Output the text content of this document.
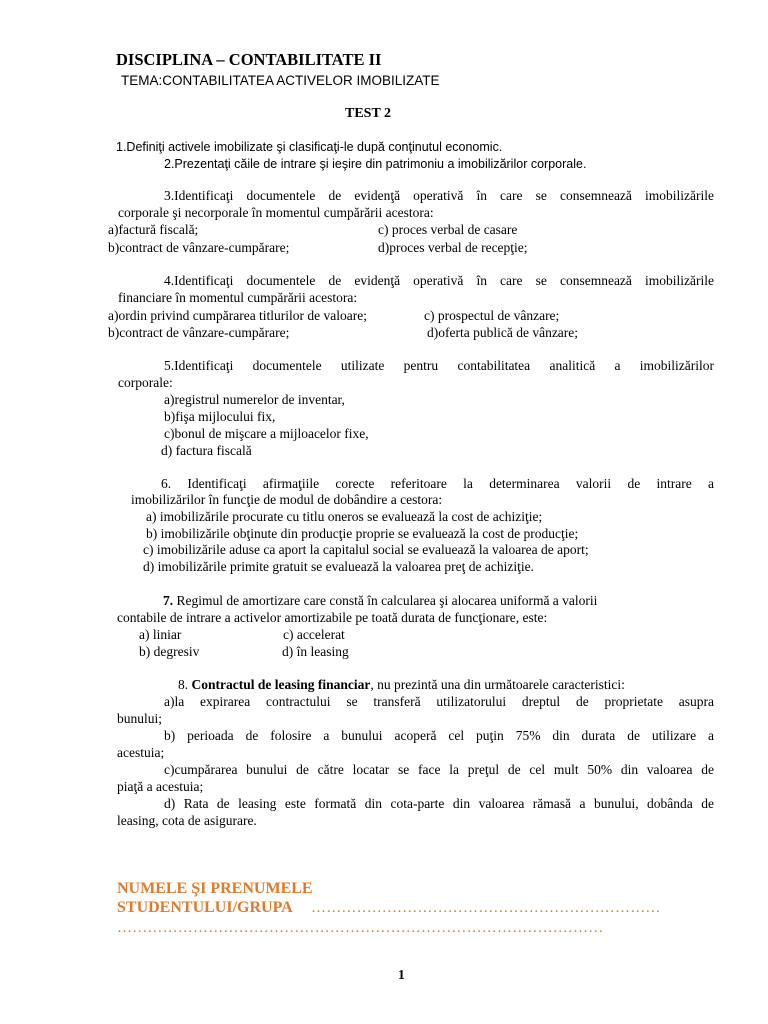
DISCIPLINA – CONTABILITATE II
TEMA:CONTABILITATEA ACTIVELOR IMOBILIZATE
TEST 2
1.Definiţi activele imobilizate şi clasificaţi-le după conţinutul economic.
2.Prezentaţi căile de intrare şi ieşire din patrimoniu a imobilizărilor corporale.
3.Identificaţi documentele de evidenţă operativă în care se consemnează imobilizările
corporale şi necorporale în momentul cumpărării acestora:
a)factură fiscală;	c) proces verbal de casare
b)contract de vânzare-cumpărare;	d)proces verbal de recepţie;
4.Identificaţi documentele de evidenţă operativă în care se consemnează imobilizările
financiare în momentul cumpărării acestora:
a)ordin privind cumpărarea titlurilor de valoare;	c) prospectul de vânzare;
b)contract de vânzare-cumpărare;	d)oferta publică de vânzare;
5.Identificaţi documentele utilizate pentru contabilitatea analitică a imobilizărilor
corporale:
a)registrul numerelor de inventar,
b)fişa mijlocului fix,
c)bonul de mişcare a mijloacelor fixe,
d) factura fiscală
6. Identificaţi afirmaţiile corecte referitoare la determinarea valorii de intrare a
imobilizărilor în funcţie de modul de dobândire a cestora:
a) imobilizările procurate cu titlu oneros se evaluează la cost de achiziţie;
b) imobilizările obţinute din producţie proprie se evaluează la cost de producţie;
c) imobilizările aduse ca aport la capitalul social se evaluează la valoarea de aport;
d) imobilizările primite gratuit se evaluează la valoarea preţ de achiziţie.
7. Regimul de amortizare care constă în calcularea şi alocarea uniformă a valorii
contabile de intrare a activelor amortizabile pe toată durata de funcţionare, este:
a) liniar	c) accelerat
b) degresiv	d) în leasing
8. Contractul de leasing financiar, nu prezintă una din următoarele caracteristici:
a)la expirarea contractului se transferă utilizatorului dreptul de proprietate asupra
bunului;
b) perioada de folosire a bunului acoperă cel puţin 75% din durata de utilizare a
acestuia;
c)cumpărarea bunului de către locatar se face la preţul de cel mult 50% din valoarea de
piaţă a acestuia;
d) Rata de leasing este formată din cota-parte din valoarea rămasă a bunului, dobânda de
leasing, cota de asigurare.
NUMELE ŞI PRENUMELE
STUDENTULUI/GRUPA ……………………………………………………………
……………………………………………………………………………………
1
